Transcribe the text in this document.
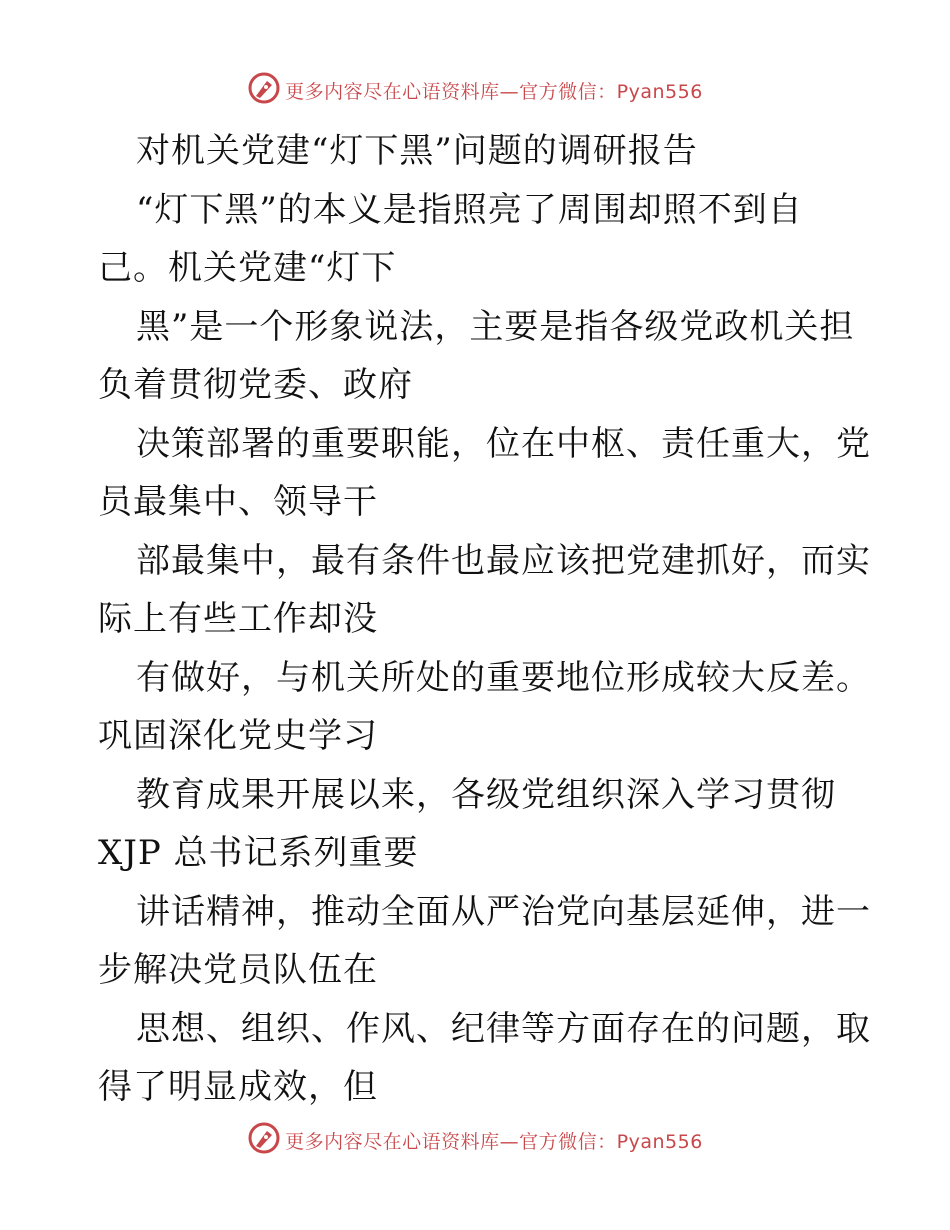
更多内容尽在心语资料库—官方微信：Pyan556
对机关党建“灯下黑”问题的调研报告
“灯下黑”的本义是指照亮了周围却照不到自
己。机关党建“灯下
黑”是一个形象说法，主要是指各级党政机关担
负着贯彻党委、政府
决策部署的重要职能，位在中枢、责任重大，党
员最集中、领导干
部最集中，最有条件也最应该把党建抓好，而实
际上有些工作却没
有做好，与机关所处的重要地位形成较大反差。
巩固深化党史学习
教育成果开展以来，各级党组织深入学习贯彻
XJP 总书记系列重要
讲话精神，推动全面从严治党向基层延伸，进一
步解决党员队伍在
思想、组织、作风、纪律等方面存在的问题，取
得了明显成效，但
更多内容尽在心语资料库—官方微信：Pyan556
